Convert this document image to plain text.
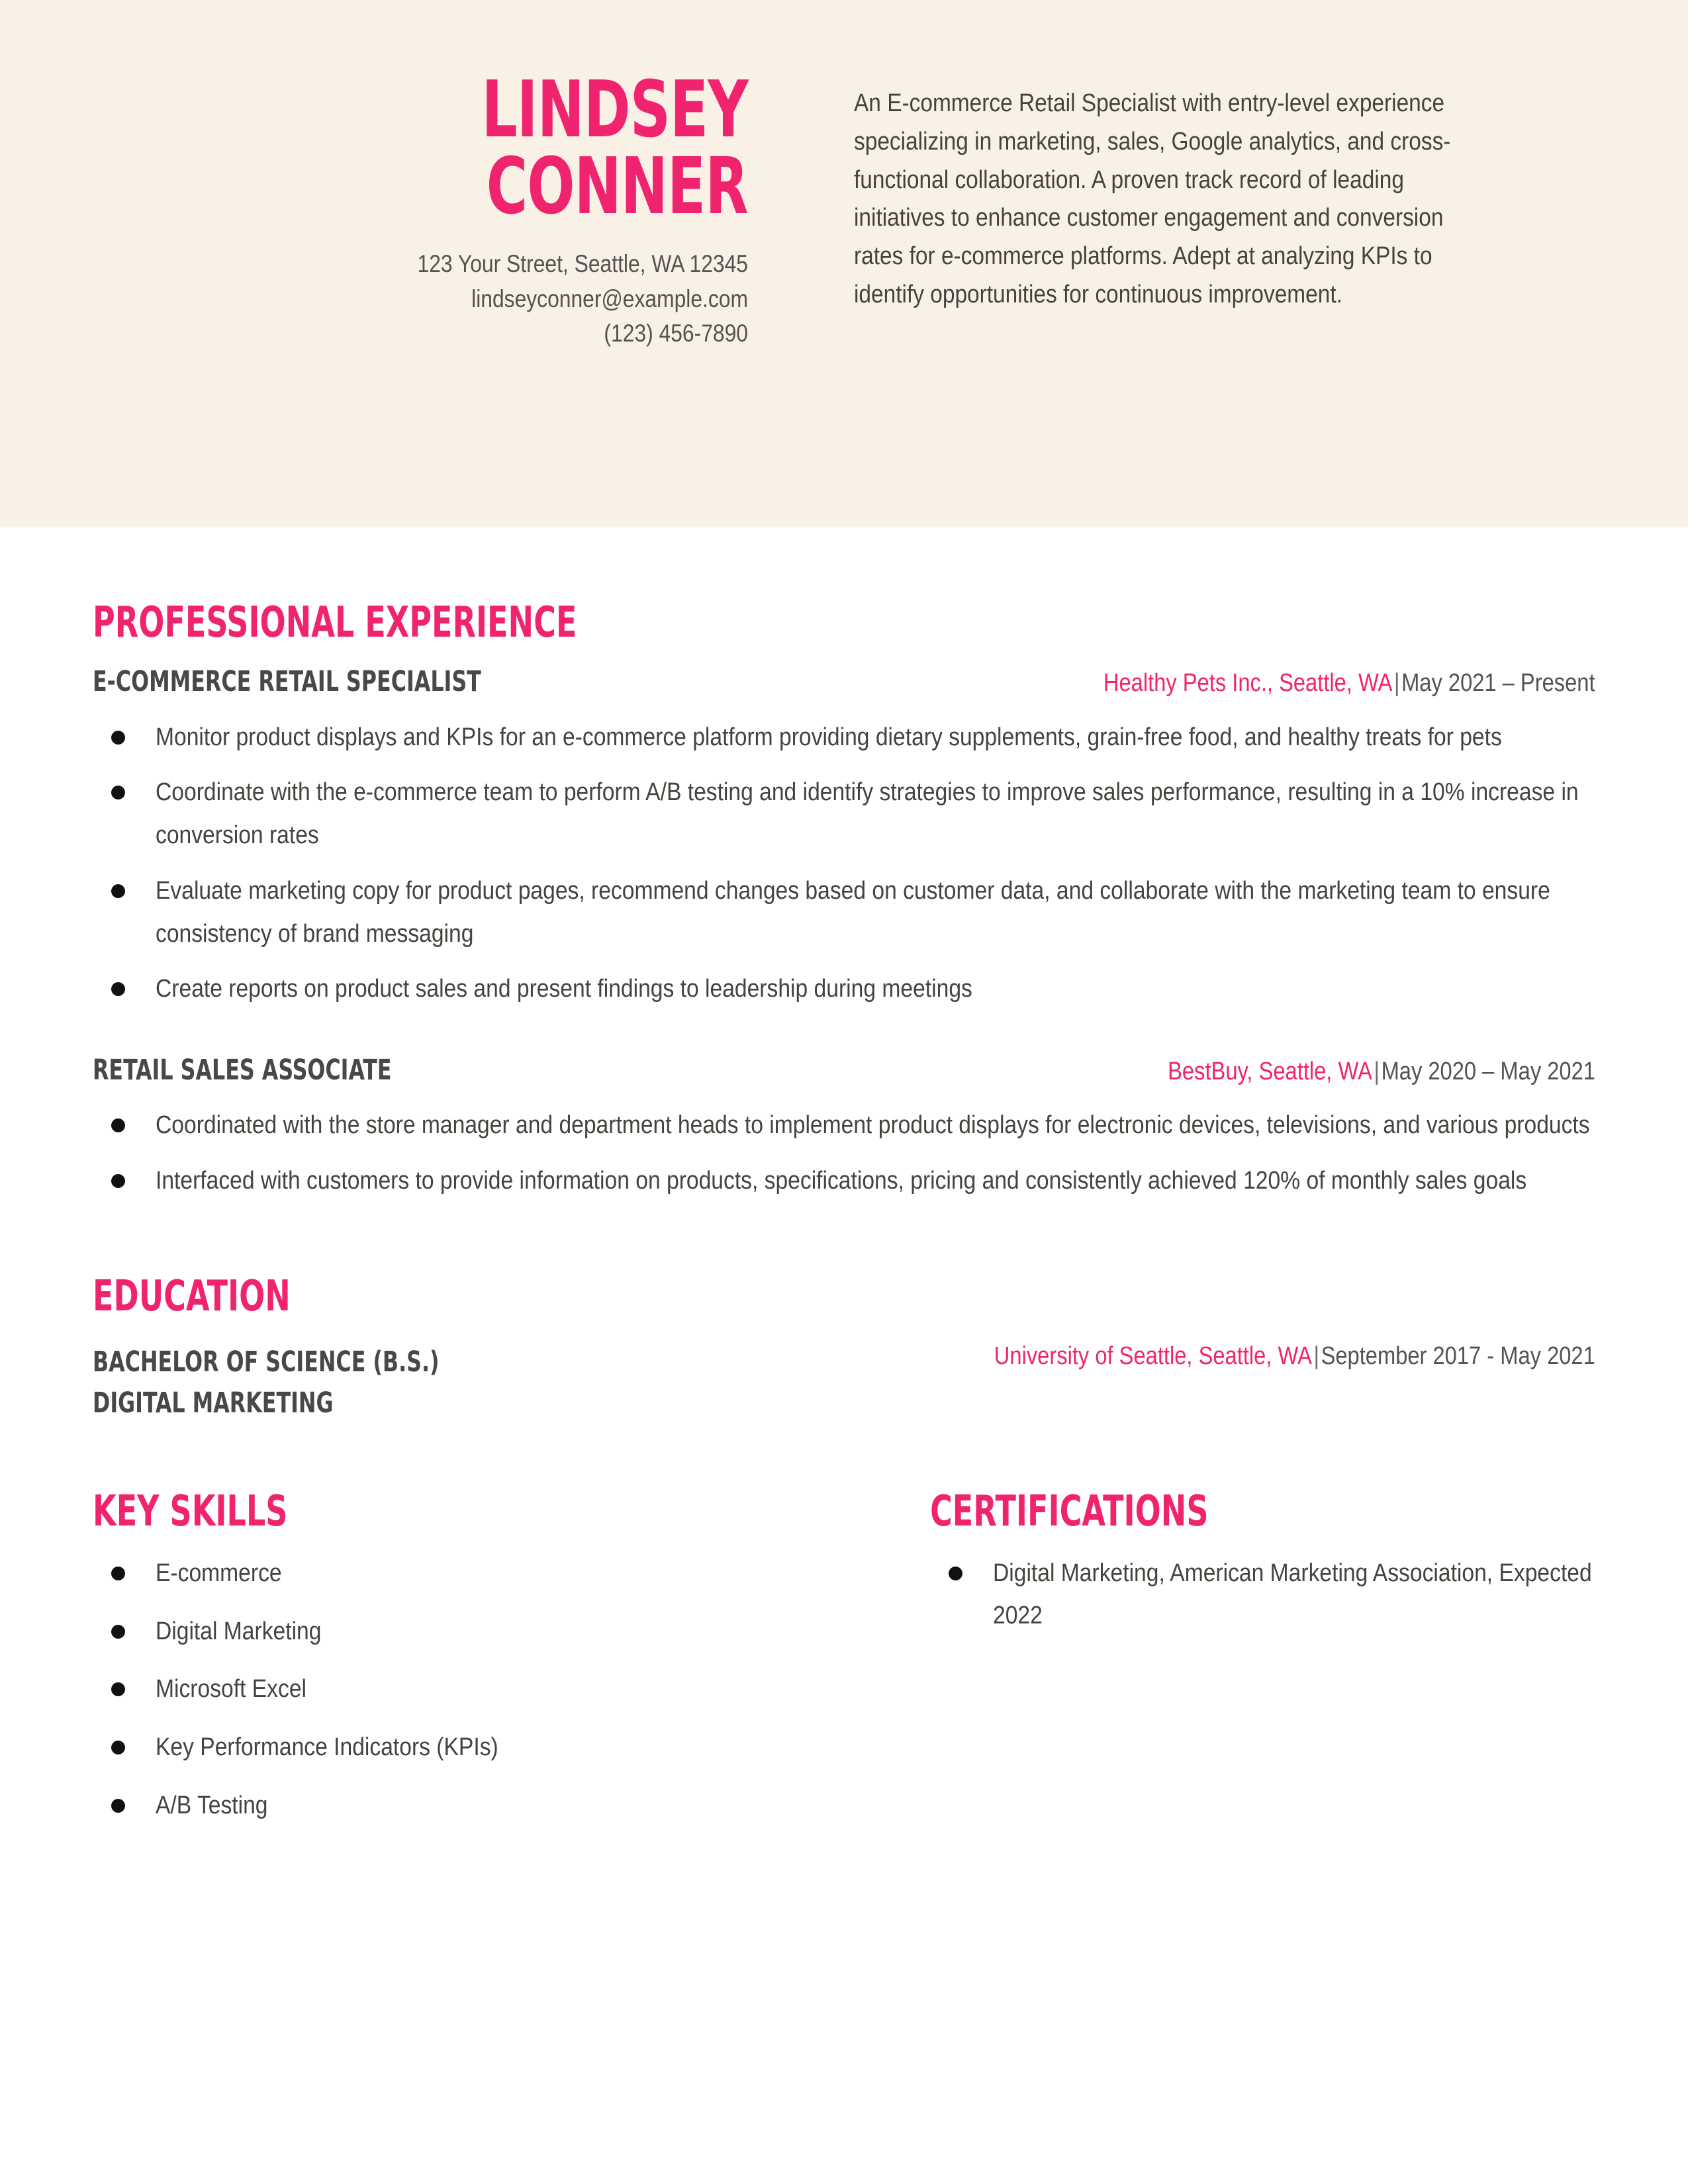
LINDSEY
CONNER
123 Your Street, Seattle, WA 12345
lindseyconner@example.com
(123) 456-7890

An E-commerce Retail Specialist with entry-level experience specializing in marketing, sales, Google analytics, and cross-functional collaboration. A proven track record of leading initiatives to enhance customer engagement and conversion rates for e-commerce platforms. Adept at analyzing KPIs to identify opportunities for continuous improvement.

PROFESSIONAL EXPERIENCE
E-COMMERCE RETAIL SPECIALIST	Healthy Pets Inc., Seattle, WA|May 2021 – Present
Monitor product displays and KPIs for an e-commerce platform providing dietary supplements, grain-free food, and healthy treats for pets
Coordinate with the e-commerce team to perform A/B testing and identify strategies to improve sales performance, resulting in a 10% increase in conversion rates
Evaluate marketing copy for product pages, recommend changes based on customer data, and collaborate with the marketing team to ensure consistency of brand messaging
Create reports on product sales and present findings to leadership during meetings
RETAIL SALES ASSOCIATE	BestBuy, Seattle, WA|May 2020 – May 2021
Coordinated with the store manager and department heads to implement product displays for electronic devices, televisions, and various products
Interfaced with customers to provide information on products, specifications, pricing and consistently achieved 120% of monthly sales goals
EDUCATION
BACHELOR OF SCIENCE (B.S.)
DIGITAL MARKETING
University of Seattle, Seattle, WA|September 2017 - May 2021
KEY SKILLS
E-commerce
Digital Marketing
Microsoft Excel
Key Performance Indicators (KPIs)
A/B Testing
CERTIFICATIONS
Digital Marketing, American Marketing Association, Expected 2022
